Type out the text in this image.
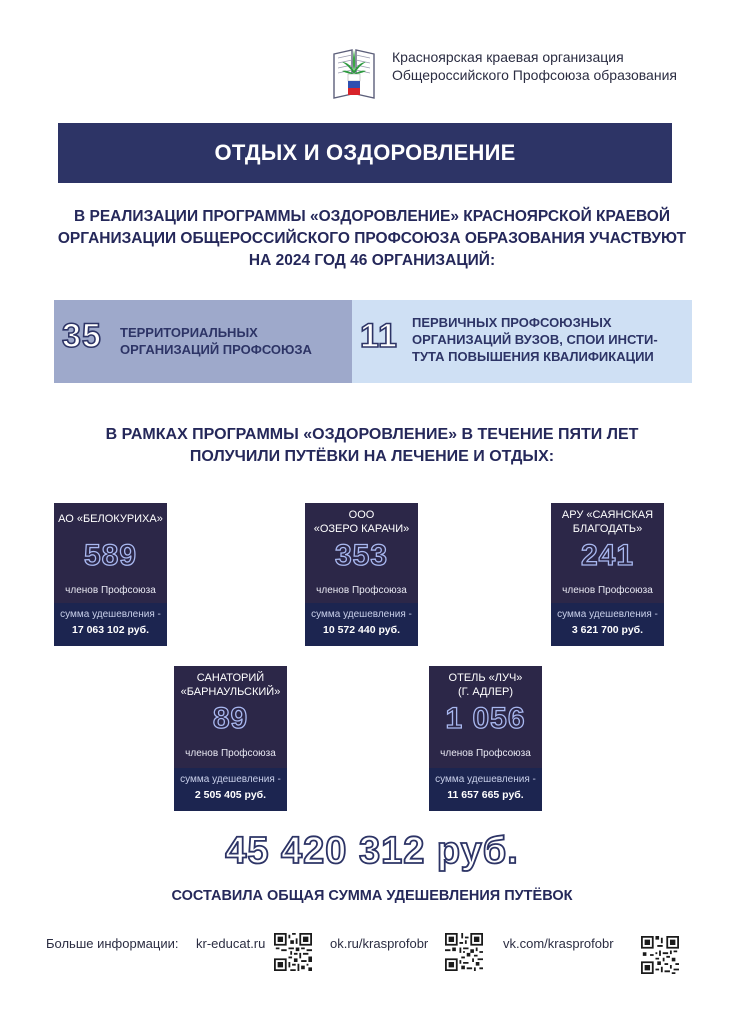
Красноярская краевая организация
Общероссийского Профсоюза образования
ОТДЫХ И ОЗДОРОВЛЕНИЕ
В РЕАЛИЗАЦИИ ПРОГРАММЫ «ОЗДОРОВЛЕНИЕ» КРАСНОЯРСКОЙ КРАЕВОЙ
ОРГАНИЗАЦИИ ОБЩЕРОССИЙСКОГО ПРОФСОЮЗА ОБРАЗОВАНИЯ УЧАСТВУЮТ
НА 2024 ГОД 46 ОРГАНИЗАЦИЙ:
35 ТЕРРИТОРИАЛЬНЫХ
ОРГАНИЗАЦИЙ ПРОФСОЮЗА 11 ПЕРВИЧНЫХ ПРОФСОЮЗНЫХ
ОРГАНИЗАЦИЙ ВУЗОВ, СПОИ ИНСТИ-
ТУТА ПОВЫШЕНИЯ КВАЛИФИКАЦИИ
В РАМКАХ ПРОГРАММЫ «ОЗДОРОВЛЕНИЕ» В ТЕЧЕНИЕ ПЯТИ ЛЕТ
ПОЛУЧИЛИ ПУТЁВКИ НА ЛЕЧЕНИЕ И ОТДЫХ:
АО «БЕЛОКУРИХА»
589
членов Профсоюза
сумма удешевления -
17 063 102 руб.
ООО
«ОЗЕРО КАРАЧИ»
353
членов Профсоюза
сумма удешевления -
10 572 440 руб.
АРУ «САЯНСКАЯ
БЛАГОДАТЬ»
241
членов Профсоюза
сумма удешевления -
3 621 700 руб.
САНАТОРИЙ
«БАРНАУЛЬСКИЙ»
89
членов Профсоюза
сумма удешевления -
2 505 405 руб.
ОТЕЛЬ «ЛУЧ»
(Г. АДЛЕР)
1 056
членов Профсоюза
сумма удешевления -
11 657 665 руб.
45 420 312 руб.
СОСТАВИЛА ОБЩАЯ СУММА УДЕШЕВЛЕНИЯ ПУТЁВОК
Больше информации: kr-educat.ru	ok.ru/krasprofobr	vk.com/krasprofobr
